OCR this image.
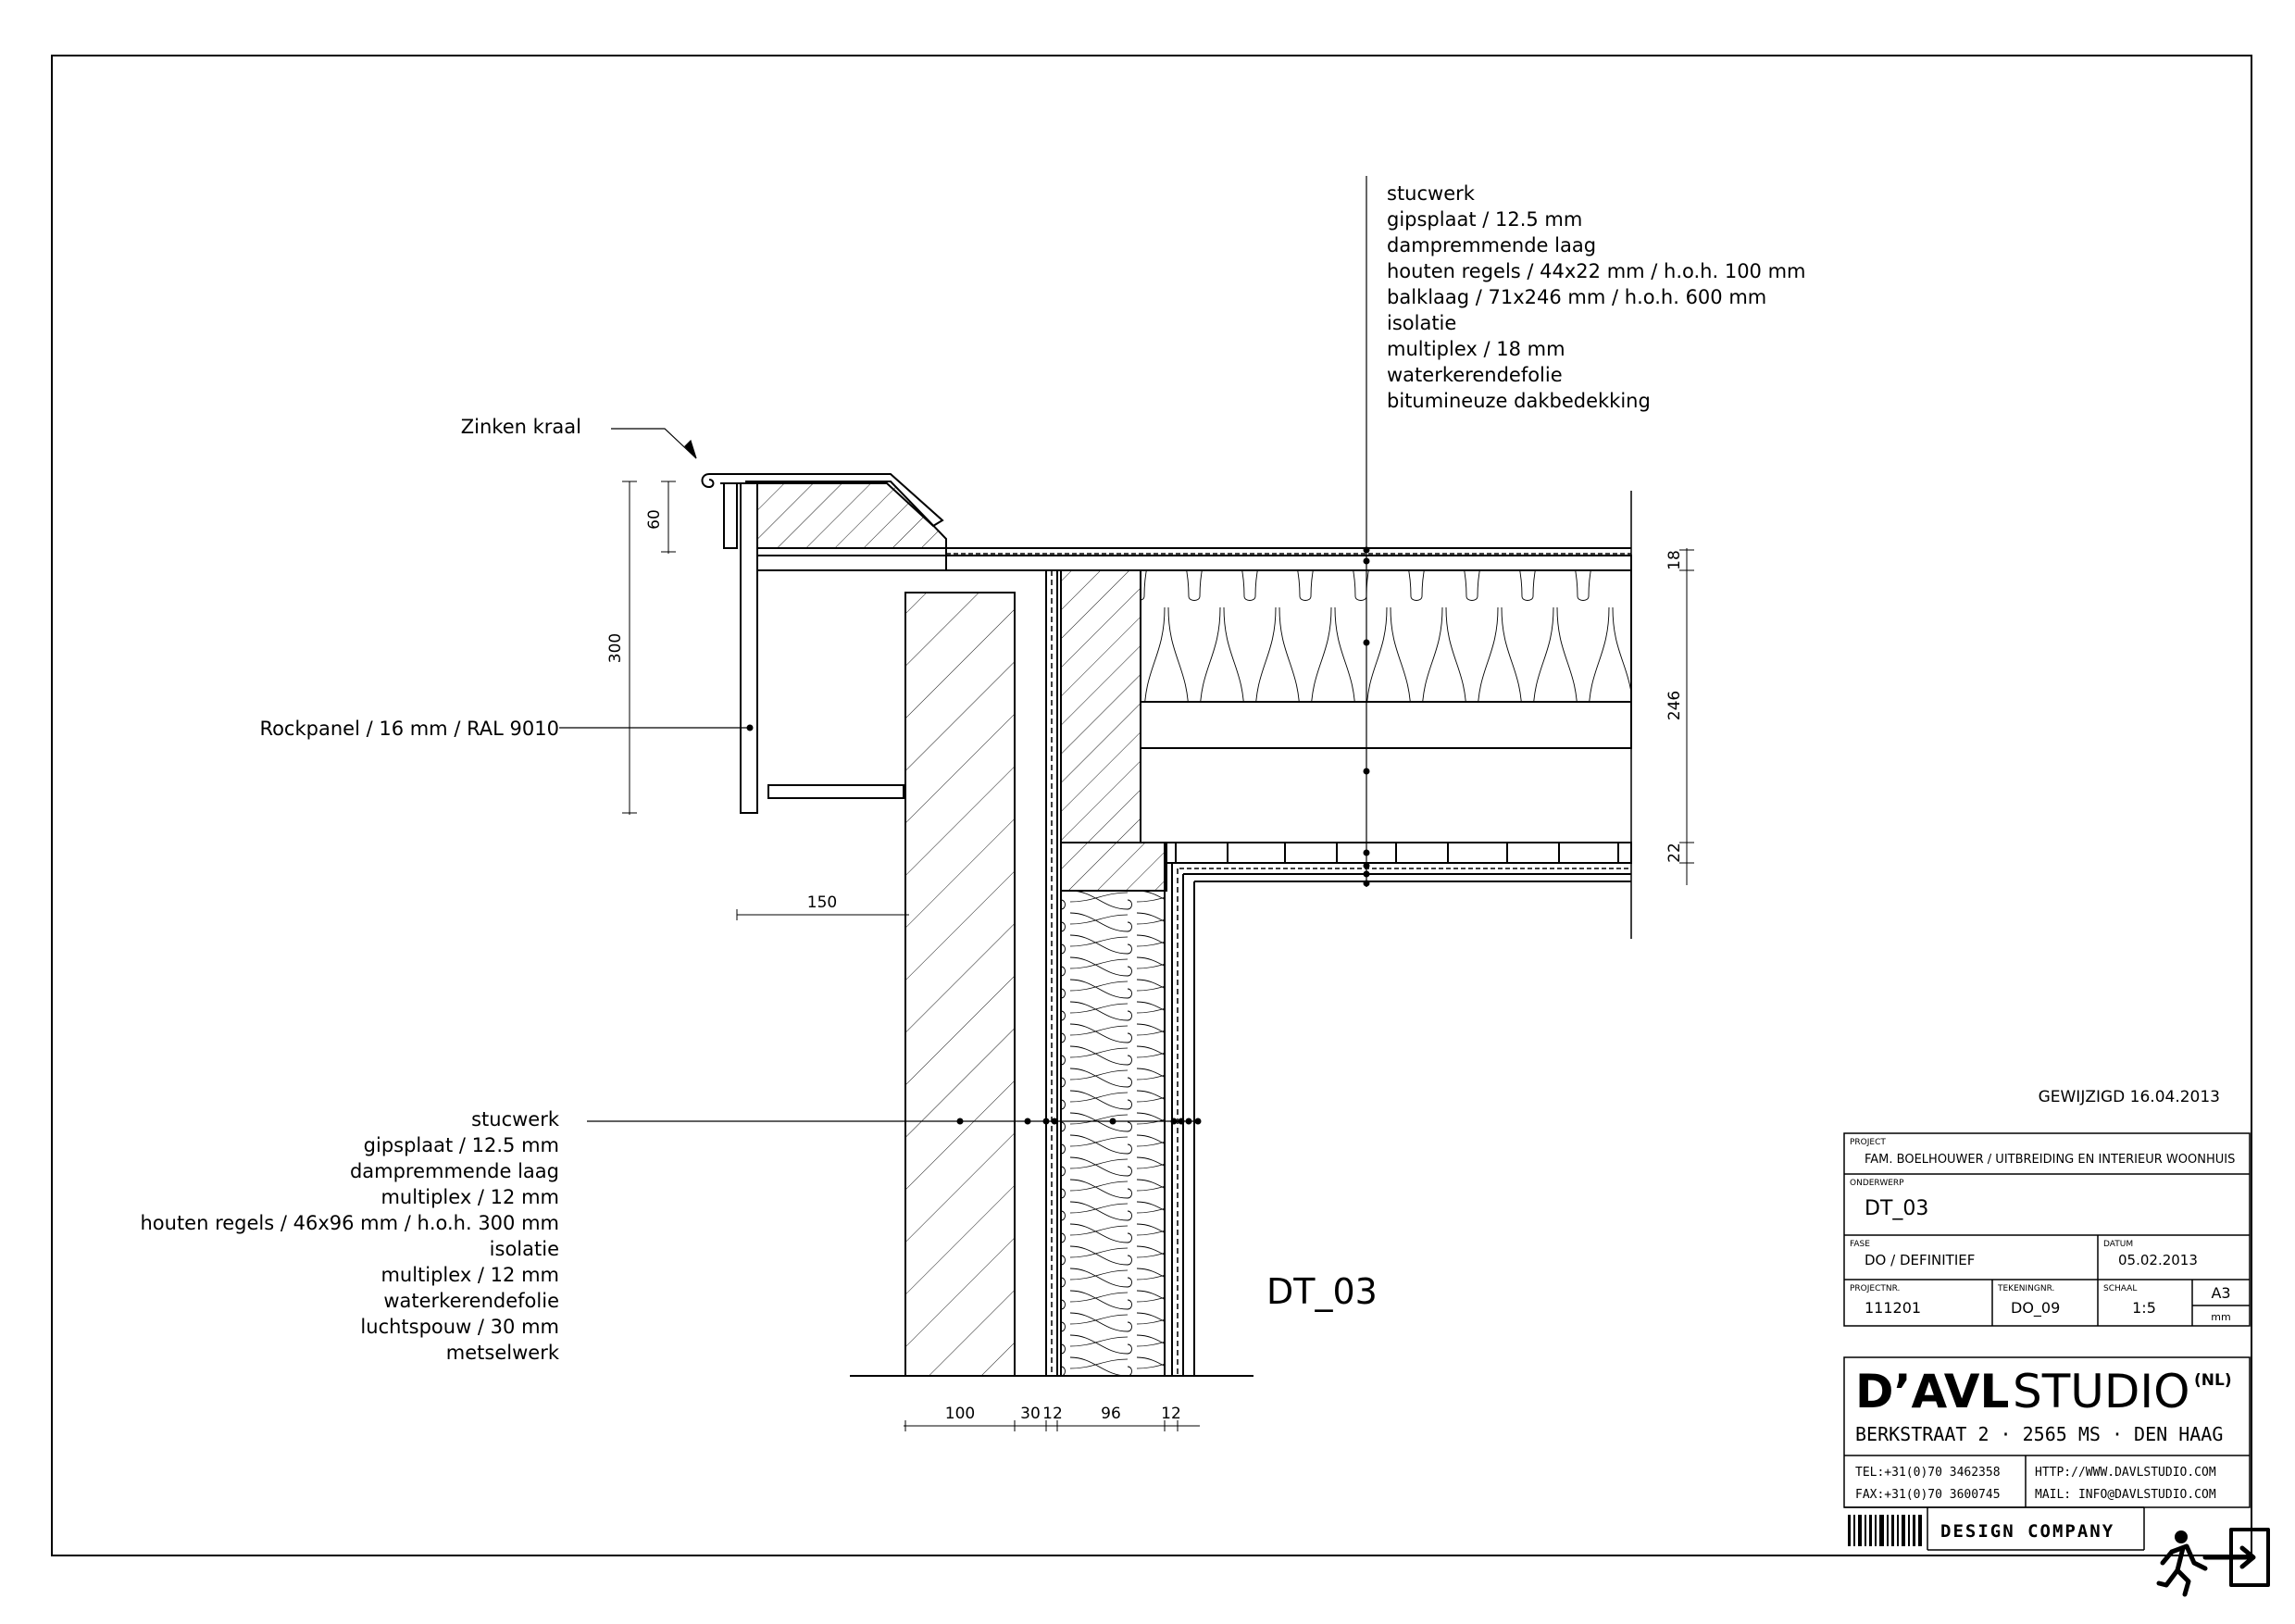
Zinken kraal
Rockpanel / 16 mm / RAL 9010
stucwerk
gipsplaat / 12.5 mm
dampremmende laag
houten regels / 44x22 mm / h.o.h. 100 mm
balklaag / 71x246 mm / h.o.h. 600 mm
isolatie
multiplex / 18 mm
waterkerendefolie
bitumineuze dakbedekking
stucwerk
gipsplaat / 12.5 mm
dampremmende laag
multiplex / 12 mm
houten regels / 46x96 mm / h.o.h. 300 mm
isolatie
multiplex / 12 mm
waterkerendefolie
luchtspouw / 30 mm
metselwerk
60
300
150
18
246
22
100	30 12 96	12
DT_03
GEWIJZIGD 16.04.2013
PROJECT
FAM. BOELHOUWER / UITBREIDING EN INTERIEUR WOONHUIS
ONDERWERP
DT_03
FASE
DO / DEFINITIEF
DATUM
05.02.2013
PROJECTNR.
111201
TEKENINGNR.
DO_09
SCHAAL
1:5
A3
mm
D’AVL STUDIO (NL)
BERKSTRAAT 2 · 2565 MS · DEN HAAG
TEL:+31(0)70 3462358
FAX:+31(0)70 3600745
HTTP://WWW.DAVLSTUDIO.COM
MAIL: INFO@DAVLSTUDIO.COM
DESIGN COMPANY
